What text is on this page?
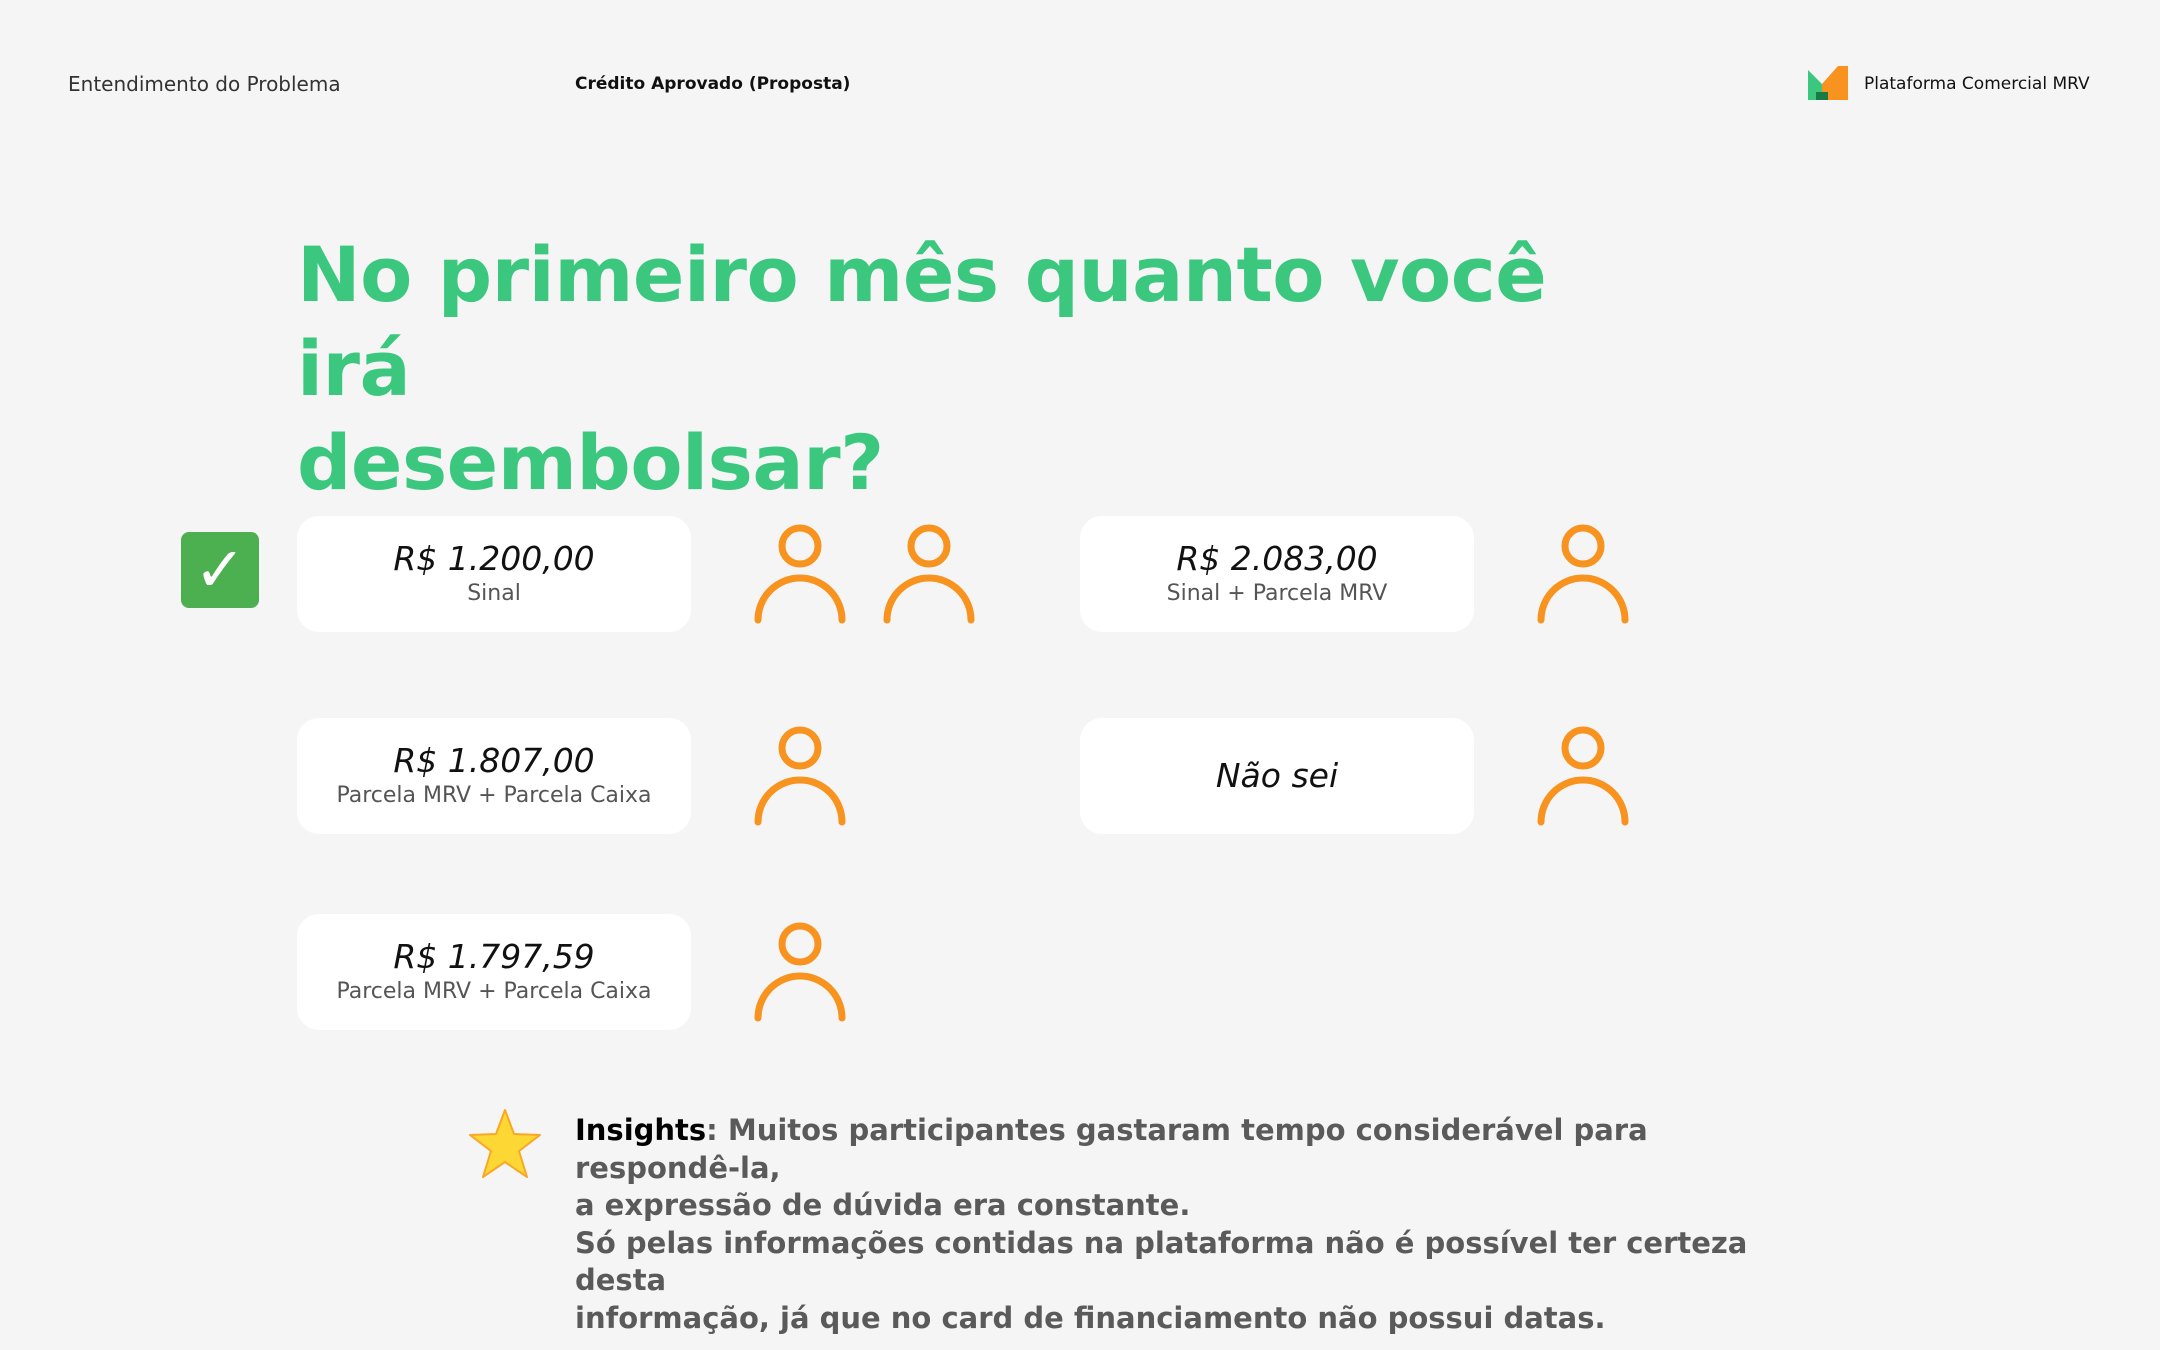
Entendimento do Problema	Crédito Aprovado (Proposta)	Plataforma Comercial MRV
No primeiro mês quanto você irá
desembolsar?
✓	R$ 1.200,00
Sinal
R$ 2.083,00
Sinal + Parcela MRV
R$ 1.807,00
Parcela MRV + Parcela Caixa
Não sei
R$ 1.797,59
Parcela MRV + Parcela Caixa

Insights: Muitos participantes gastaram tempo considerável para respondê-la,
a expressão de dúvida era constante.
Só pelas informações contidas na plataforma não é possível ter certeza desta
informação, já que no card de financiamento não possui datas.
